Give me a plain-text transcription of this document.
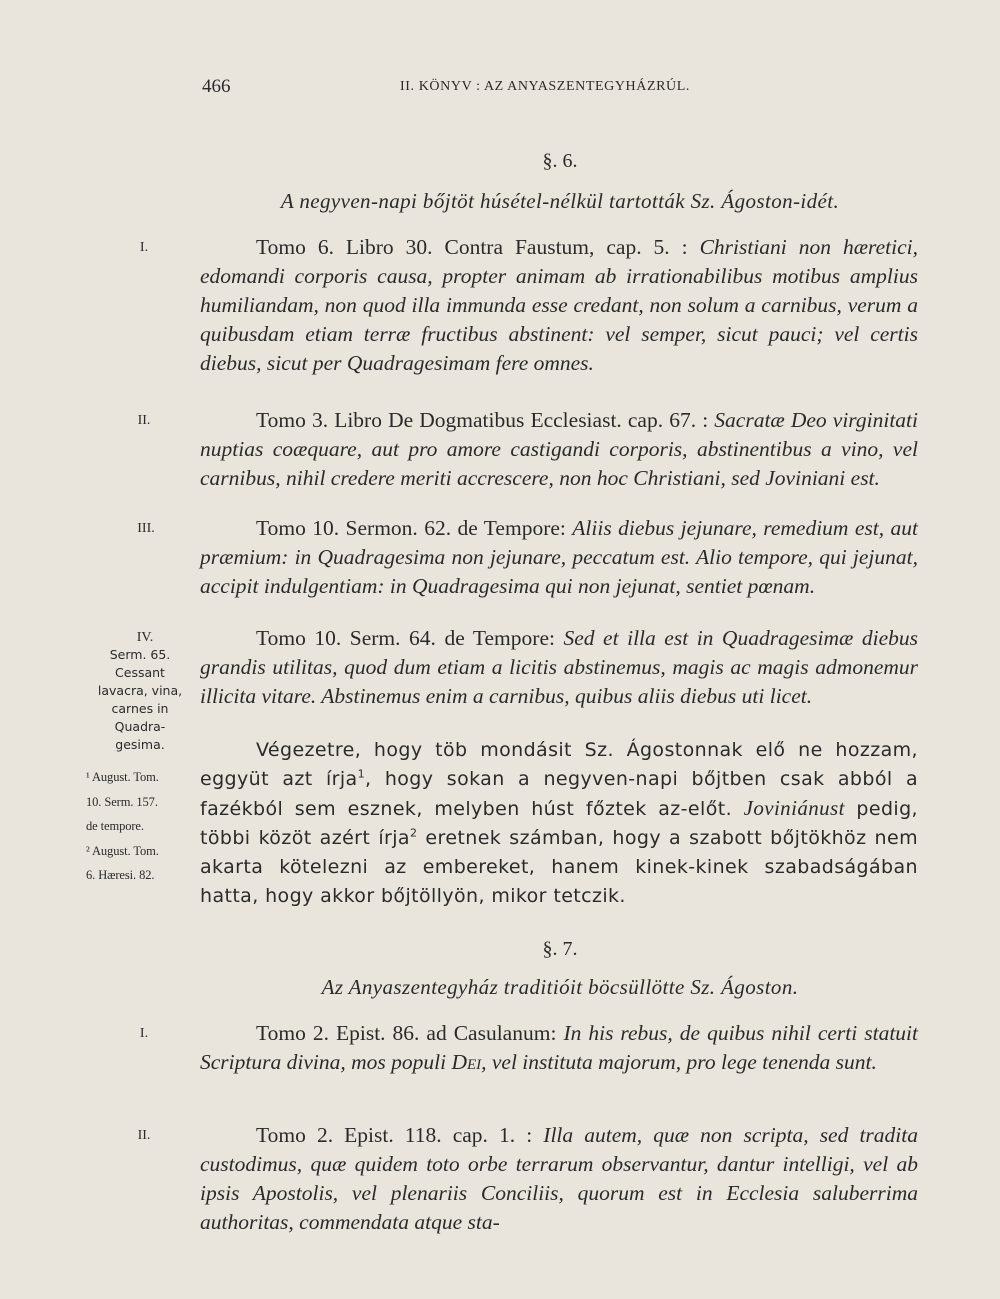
466	II. KÖNYV : AZ ANYASZENTEGYHÁZRÚL.
§. 6.
A negyven-napi bőjtöt húsétel-nélkül tartották Sz. Ágoston-idét.
I.	Tomo 6. Libro 30. Contra Faustum, cap. 5. : Christiani non hæretici, edomandi corporis causa, propter animam ab irrationabilibus motibus amplius humiliandam, non quod illa immunda esse credant, non solum a carnibus, verum a quibusdam etiam terræ fructibus abstinent: vel semper, sicut pauci; vel certis diebus, sicut per Quadragesimam fere omnes.

II.	Tomo 3. Libro De Dogmatibus Ecclesiast. cap. 67. : Sacratæ Deo virginitati nuptias coæquare, aut pro amore castigandi corporis, abstinentibus a vino, vel carnibus, nihil credere meriti accrescere, non hoc Christiani, sed Joviniani est.

III.	Tomo 10. Sermon. 62. de Tempore: Aliis diebus jejunare, remedium est, aut præmium: in Quadragesima non jejunare, peccatum est. Alio tempore, qui jejunat, accipit indulgentiam: in Quadragesima qui non jejunat, sentiet pœnam.

IV.	Tomo 10. Serm. 64. de Tempore: Sed et illa est in Quadragesimæ diebus grandis utilitas, quod dum etiam a licitis abstinemus, magis ac magis admonemur illicita vitare. Abstinemus enim a carnibus, quibus aliis diebus uti licet.

Serm. 65.
Cessant
lavacra, vina,
carnes in
Quadra-
gesima.	Végezetre, hogy töb mondásit Sz. Ágostonnak elő ne hozzam, eggyüt azt írja$^1$, hogy sokan a negyven-napi bőjtben csak abból a fazékból sem esznek, melyben húst főztek az-előt. Joviniánust pedig, többi közöt azért írja$^2$ eretnek számban, hogy a szabott bőjtökhöz nem akarta kötelezni az embereket, hanem kinek-kinek szabadságában hatta, hogy akkor bőjtöllyön, mikor tetczik.

¹ August. Tom.
10. Serm. 157.
de tempore.
² August. Tom.
6. Hæresi. 82.
§. 7.
Az Anyaszentegyház traditióit böcsüllötte Sz. Ágoston.
I.	Tomo 2. Epist. 86. ad Casulanum: In his rebus, de quibus nihil certi statuit Scriptura divina, mos populi Dei, vel instituta majorum, pro lege tenenda sunt.

II.	Tomo 2. Epist. 118. cap. 1. : Illa autem, quæ non scripta, sed tradita custodimus, quæ quidem toto orbe terrarum observantur, dantur intelligi, vel ab ipsis Apostolis, vel plenariis Conciliis, quorum est in Ecclesia saluberrima authoritas, commendata atque sta-
